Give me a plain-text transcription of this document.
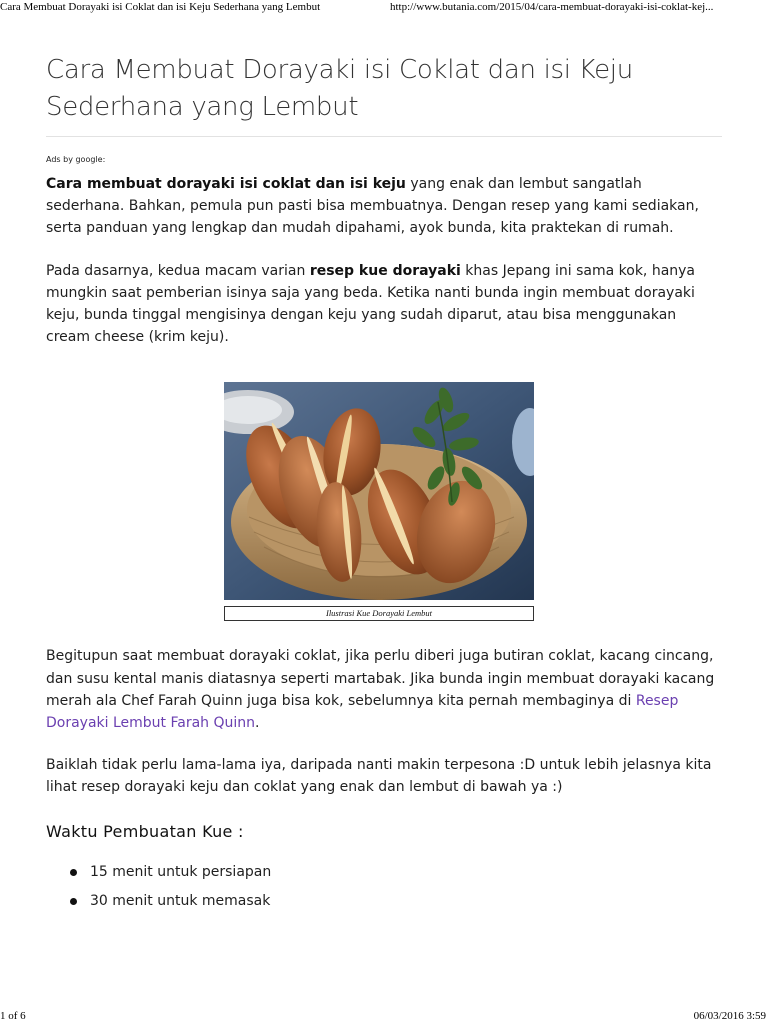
Cara Membuat Dorayaki isi Coklat dan isi Keju Sederhana yang Lembut	http://www.butania.com/2015/04/cara-membuat-dorayaki-isi-coklat-kej...
Cara Membuat Dorayaki isi Coklat dan isi Keju Sederhana yang Lembut
Ads by google:

Cara membuat dorayaki isi coklat dan isi keju yang enak dan lembut sangatlah sederhana. Bahkan, pemula pun pasti bisa membuatnya. Dengan resep yang kami sediakan, serta panduan yang lengkap dan mudah dipahami, ayok bunda, kita praktekan di rumah.

Pada dasarnya, kedua macam varian resep kue dorayaki khas Jepang ini sama kok, hanya mungkin saat pemberian isinya saja yang beda. Ketika nanti bunda ingin membuat dorayaki keju, bunda tinggal mengisinya dengan keju yang sudah diparut, atau bisa menggunakan cream cheese (krim keju).

Ilustrasi Kue Dorayaki Lembut

Begitupun saat membuat dorayaki coklat, jika perlu diberi juga butiran coklat, kacang cincang, dan susu kental manis diatasnya seperti martabak. Jika bunda ingin membuat dorayaki kacang merah ala Chef Farah Quinn juga bisa kok, sebelumnya kita pernah membaginya di Resep Dorayaki Lembut Farah Quinn.

Baiklah tidak perlu lama-lama iya, daripada nanti makin terpesona :D untuk lebih jelasnya kita lihat resep dorayaki keju dan coklat yang enak dan lembut di bawah ya :)

Waktu Pembuatan Kue :
15 menit untuk persiapan
30 menit untuk memasak
1 of 6	06/03/2016 3:59
